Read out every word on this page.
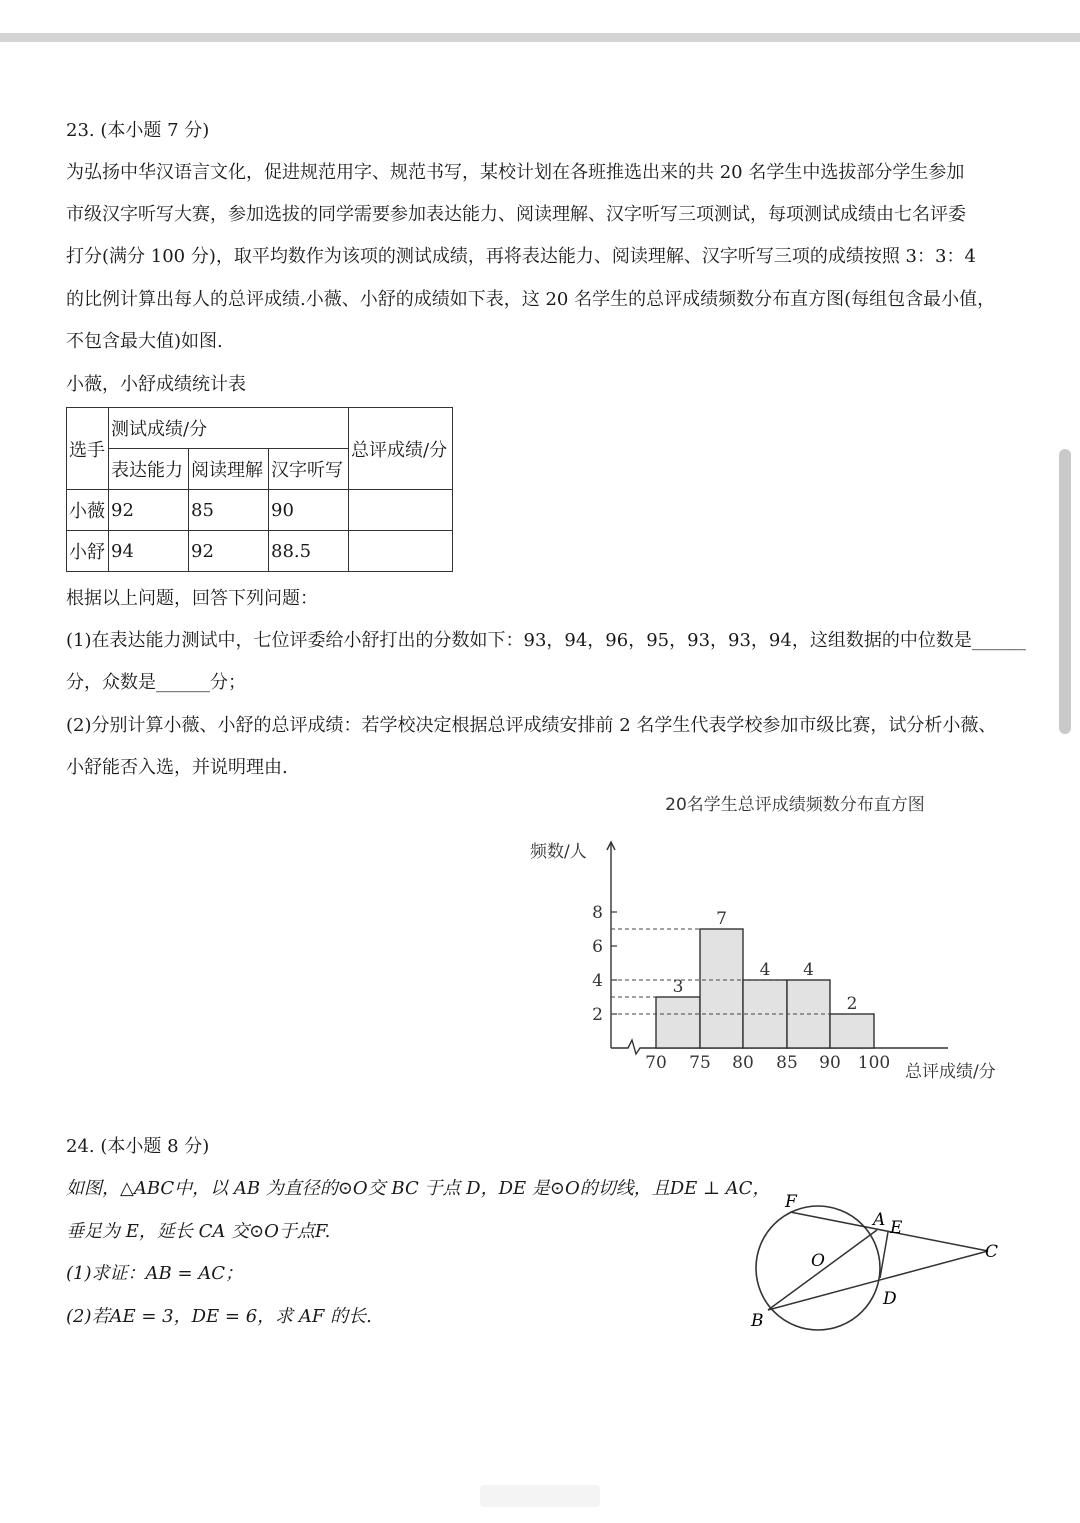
23. (本小题 7 分)
为弘扬中华汉语言文化，促进规范用字、规范书写，某校计划在各班推选出来的共 20 名学生中选拔部分学生参加
市级汉字听写大赛，参加选拔的同学需要参加表达能力、阅读理解、汉字听写三项测试，每项测试成绩由七名评委
打分(满分 100 分)，取平均数作为该项的测试成绩，再将表达能力、阅读理解、汉字听写三项的成绩按照 3：3：4
的比例计算出每人的总评成绩.小薇、小舒的成绩如下表，这 20 名学生的总评成绩频数分布直方图(每组包含最小值，
不包含最大值)如图.
小薇，小舒成绩统计表
选手	测试成绩/分			总评成绩/分
	表达能力	阅读理解	汉字听写	
小薇	92	85	90	
小舒	94	92	88.5	
根据以上问题，回答下列问题：
(1)在表达能力测试中，七位评委给小舒打出的分数如下：93，94，96，95，93，93，94，这组数据的中位数是______
分，众数是______分；
(2)分别计算小薇、小舒的总评成绩：若学校决定根据总评成绩安排前 2 名学生代表学校参加市级比赛，试分析小薇、
小舒能否入选，并说明理由.
20名学生总评成绩频数分布直方图
频数/人
总评成绩/分
2
4
6
8
70 75 80 85 90 100
3
7
4 4
2
24. (本小题 8 分)
如图，△ABC中，以 AB 为直径的⊙O交 BC 于点 D，DE 是⊙O的切线，且DE ⊥ AC，
垂足为 E，延长 CA 交⊙O于点F.
(1)求证：AB = AC；
(2)若AE = 3，DE = 6，求 AF 的长.
F
A E
O	C
B
D
